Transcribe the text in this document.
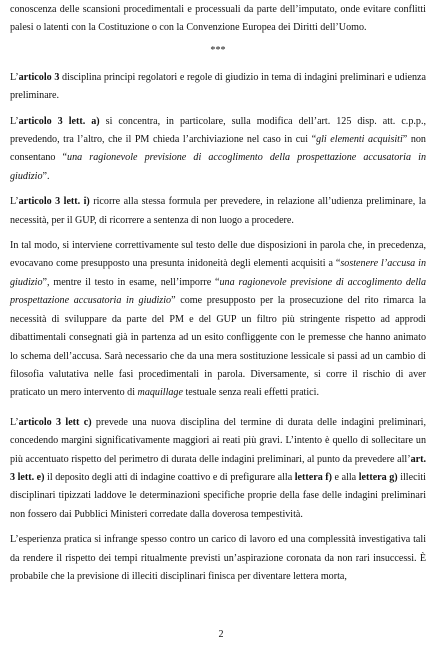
conoscenza delle scansioni procedimentali e processuali da parte dell’imputato, onde evitare conflitti palesi o latenti con la Costituzione o con la Convenzione Europea dei Diritti dell’Uomo.

***

L’articolo 3 disciplina principi regolatori e regole di giudizio in tema di indagini preliminari e udienza preliminare.

L’articolo 3 lett. a) si concentra, in particolare, sulla modifica dell’art. 125 disp. att. c.p.p., prevedendo, tra l’altro, che il PM chieda l’archiviazione nel caso in cui “gli elementi acquisiti” non consentano “una ragionevole previsione di accoglimento della prospettazione accusatoria in giudizio”.

L’articolo 3 lett. i) ricorre alla stessa formula per prevedere, in relazione all’udienza preliminare, la necessità, per il GUP, di ricorrere a sentenza di non luogo a procedere.

In tal modo, si interviene correttivamente sul testo delle due disposizioni in parola che, in precedenza, evocavano come presupposto una presunta inidoneità degli elementi acquisiti a “sostenere l’accusa in giudizio”, mentre il testo in esame, nell’imporre “una ragionevole previsione di accoglimento della prospettazione accusatoria in giudizio” come presupposto per la prosecuzione del rito rimarca la necessità di sviluppare da parte del PM e del GUP un filtro più stringente rispetto ad approdi dibattimentali consegnati già in partenza ad un esito confliggente con le premesse che hanno animato lo schema dell’accusa. Sarà necessario che da una mera sostituzione lessicale si passi ad un cambio di filosofia valutativa nelle fasi procedimentali in parola. Diversamente, si corre il rischio di aver praticato un mero intervento di maquillage testuale senza reali effetti pratici.

L’articolo 3 lett c) prevede una nuova disciplina del termine di durata delle indagini preliminari, concedendo margini significativamente maggiori ai reati più gravi. L’intento è quello di sollecitare un più accentuato rispetto del perimetro di durata delle indagini preliminari, al punto da prevedere all’art. 3 lett. e) il deposito degli atti di indagine coattivo e di prefigurare alla lettera f) e alla lettera g) illeciti disciplinari tipizzati laddove le determinazioni specifiche proprie della fase delle indagini preliminari non fossero dai Pubblici Ministeri corredate dalla doverosa tempestività.

L’esperienza pratica si infrange spesso contro un carico di lavoro ed una complessità investigativa tali da rendere il rispetto dei tempi ritualmente previsti un’aspirazione coronata da non rari insuccessi. È probabile che la previsione di illeciti disciplinari finisca per diventare lettera morta,

2
